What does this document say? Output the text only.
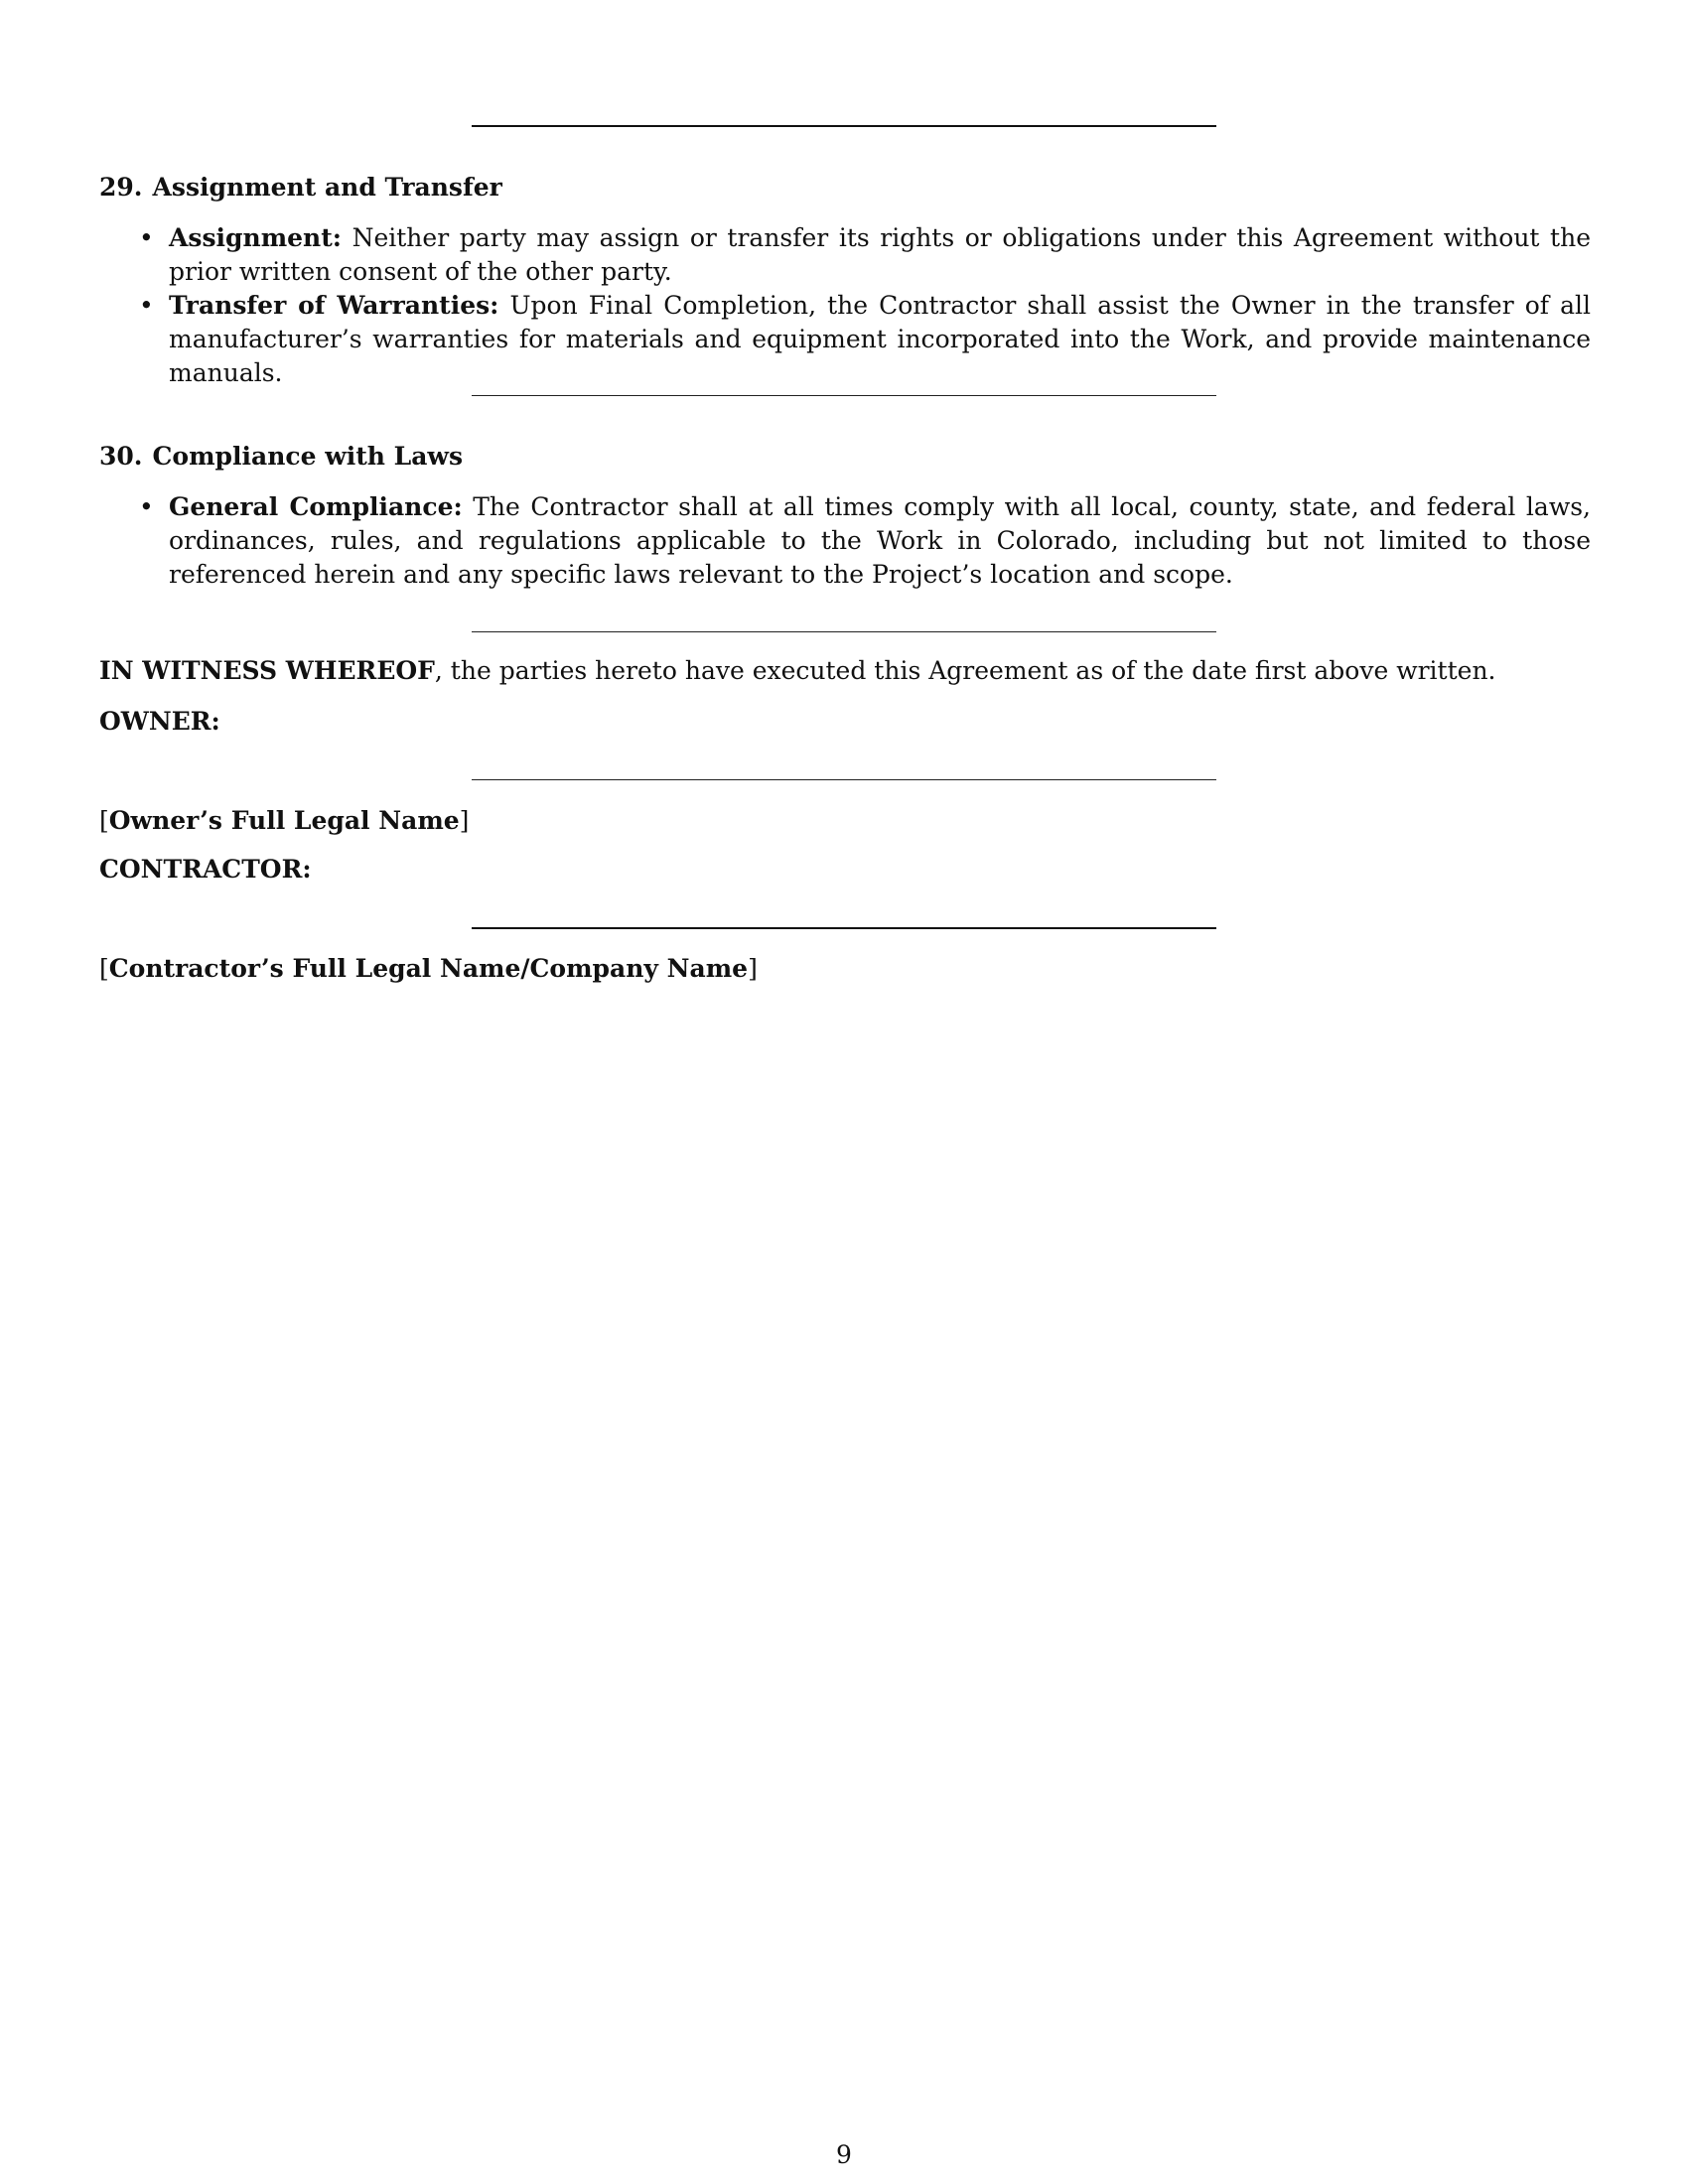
29. Assignment and Transfer
• Assignment: Neither party may assign or transfer its rights or obligations under this Agreement without the prior written consent of the other party.
• Transfer of Warranties: Upon Final Completion, the Contractor shall assist the Owner in the transfer of all manufacturer’s warranties for materials and equipment incorporated into the Work, and provide maintenance manuals.
30. Compliance with Laws
• General Compliance: The Contractor shall at all times comply with all local, county, state, and federal laws, ordinances, rules, and regulations applicable to the Work in Colorado, including but not limited to those referenced herein and any specific laws relevant to the Project’s location and scope.

IN WITNESS WHEREOF, the parties hereto have executed this Agreement as of the date first above written.

OWNER:

[Owner’s Full Legal Name]

CONTRACTOR:

[Contractor’s Full Legal Name/Company Name]

9
